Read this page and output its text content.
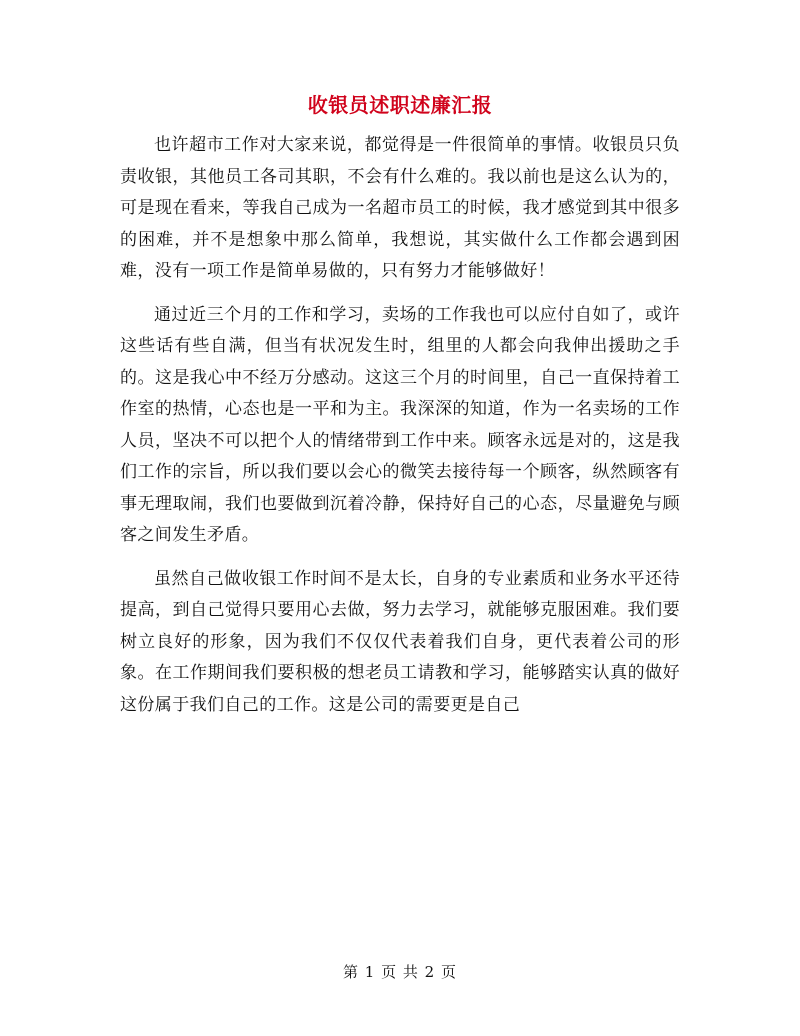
收银员述职述廉汇报

也许超市工作对大家来说，都觉得是一件很简单的事情。收银员只负责收银，其他员工各司其职，不会有什么难的。我以前也是这么认为的，可是现在看来，等我自己成为一名超市员工的时候，我才感觉到其中很多的困难，并不是想象中那么简单，我想说，其实做什么工作都会遇到困难，没有一项工作是简单易做的，只有努力才能够做好！

通过近三个月的工作和学习，卖场的工作我也可以应付自如了，或许这些话有些自满，但当有状况发生时，组里的人都会向我伸出援助之手的。这是我心中不经万分感动。这这三个月的时间里，自己一直保持着工作室的热情，心态也是一平和为主。我深深的知道，作为一名卖场的工作人员，坚决不可以把个人的情绪带到工作中来。顾客永远是对的，这是我们工作的宗旨，所以我们要以会心的微笑去接待每一个顾客，纵然顾客有事无理取闹，我们也要做到沉着冷静，保持好自己的心态，尽量避免与顾客之间发生矛盾。

虽然自己做收银工作时间不是太长，自身的专业素质和业务水平还待提高，到自己觉得只要用心去做，努力去学习，就能够克服困难。我们要树立良好的形象，因为我们不仅仅代表着我们自身，更代表着公司的形象。在工作期间我们要积极的想老员工请教和学习，能够踏实认真的做好这份属于我们自己的工作。这是公司的需要更是自己

第 1 页 共 2 页
